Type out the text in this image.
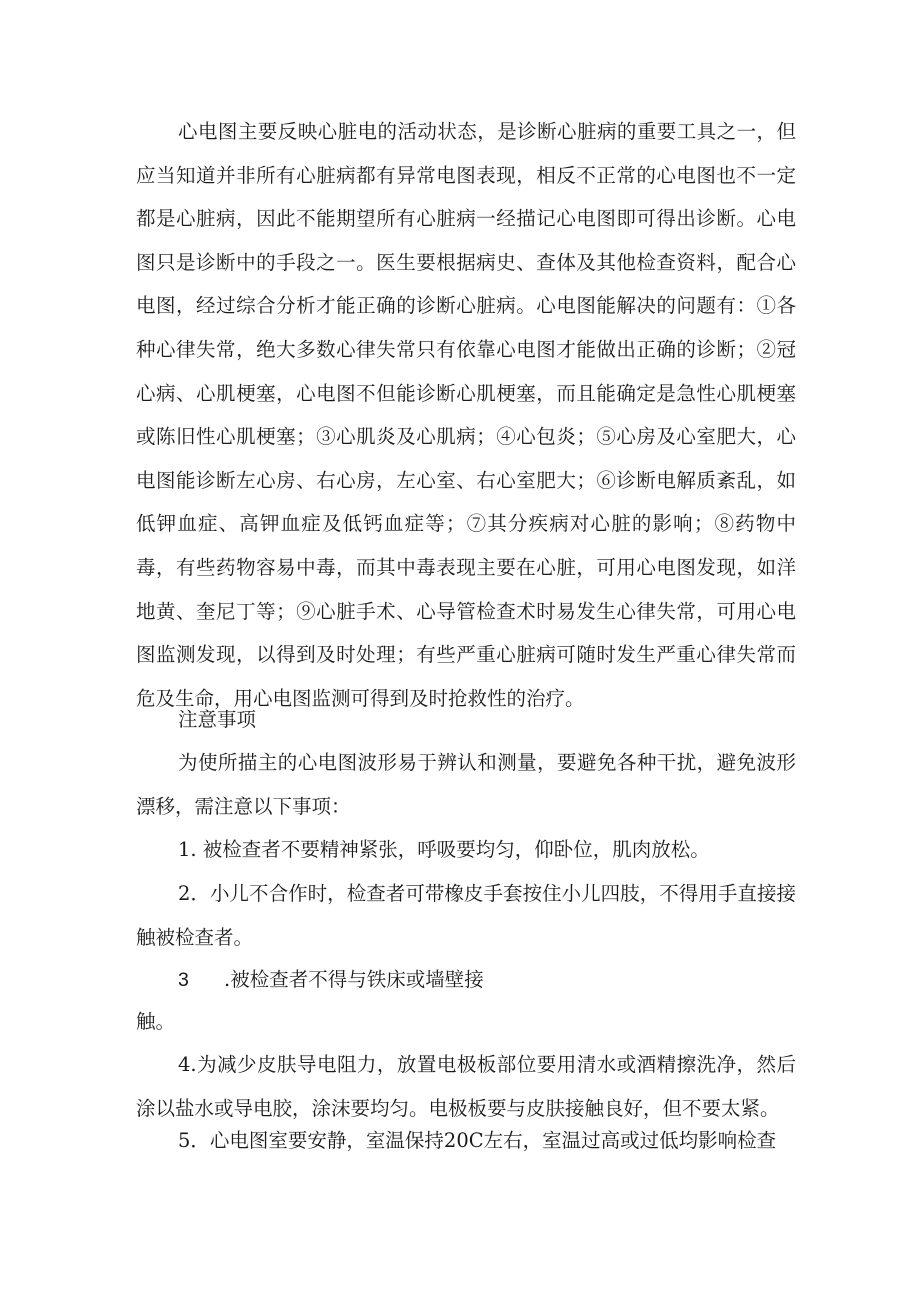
心电图主要反映心脏电的活动状态，是诊断心脏病的重要工具之一，但应当知道并非所有心脏病都有异常电图表现，相反不正常的心电图也不一定都是心脏病，因此不能期望所有心脏病一经描记心电图即可得出诊断。心电图只是诊断中的手段之一。医生要根据病史、查体及其他检查资料，配合心电图，经过综合分析才能正确的诊断心脏病。心电图能解决的问题有：①各种心律失常，绝大多数心律失常只有依靠心电图才能做出正确的诊断；②冠心病、心肌梗塞，心电图不但能诊断心肌梗塞，而且能确定是急性心肌梗塞或陈旧性心肌梗塞；③心肌炎及心肌病；④心包炎；⑤心房及心室肥大，心电图能诊断左心房、右心房，左心室、右心室肥大；⑥诊断电解质紊乱，如低钾血症、高钾血症及低钙血症等；⑦其分疾病对心脏的影响；⑧药物中毒，有些药物容易中毒，而其中毒表现主要在心脏，可用心电图发现，如洋地黄、奎尼丁等；⑨心脏手术、心导管检查术时易发生心律失常，可用心电图监测发现，以得到及时处理；有些严重心脏病可随时发生严重心律失常而危及生命，用心电图监测可得到及时抢救性的治疗。

注意事项

为使所描主的心电图波形易于辨认和测量，要避免各种干扰，避免波形漂移，需注意以下事项：

1. 被检查者不要精神紧张，呼吸要均匀，仰卧位，肌肉放松。

2．小儿不合作时，检查者可带橡皮手套按住小儿四肢，不得用手直接接触被检查者。

3 .被检查者不得与铁床或墙壁接

触。

4.为减少皮肤导电阻力，放置电极板部位要用清水或酒精擦洗净，然后涂以盐水或导电胶，涂沫要均匀。电极板要与皮肤接触良好，但不要太紧。

5．心电图室要安静，室温保持20C左右，室温过高或过低均影响检查
